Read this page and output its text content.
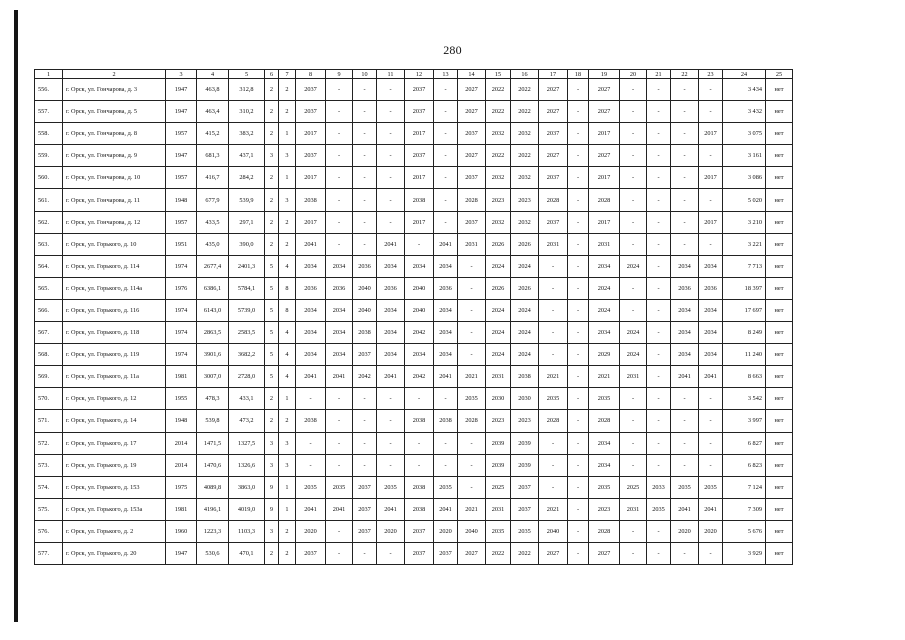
280
1	2	3	4	5	6	7	8	9	10	11	12	13	14	15	16	17	18	19	20	21	22	23	24	25
556.	г. Орск, ул. Гончарова, д. 3	1947	463,8	312,8	2	2	2037	-	-	-	2037	-	2027	2022	2022	2027	-	2027	-	-	-	-	3 434	нет
557.	г. Орск, ул. Гончарова, д. 5	1947	463,4	310,2	2	2	2037	-	-	-	2037	-	2027	2022	2022	2027	-	2027	-	-	-	-	3 432	нет
558.	г. Орск, ул. Гончарова, д. 8	1957	415,2	383,2	2	1	2017	-	-	-	2017	-	2037	2032	2032	2037	-	2017	-	-	-	2017	3 075	нет
559.	г. Орск, ул. Гончарова, д. 9	1947	681,3	437,1	3	3	2037	-	-	-	2037	-	2027	2022	2022	2027	-	2027	-	-	-	-	3 161	нет
560.	г. Орск, ул. Гончарова, д. 10	1957	416,7	284,2	2	1	2017	-	-	-	2017	-	2037	2032	2032	2037	-	2017	-	-	-	2017	3 086	нет
561.	г. Орск, ул. Гончарова, д. 11	1948	677,9	539,9	2	3	2038	-	-	-	2038	-	2028	2023	2023	2028	-	2028	-	-	-	-	5 020	нет
562.	г. Орск, ул. Гончарова, д. 12	1957	433,5	297,1	2	2	2017	-	-	-	2017	-	2037	2032	2032	2037	-	2017	-	-	-	2017	3 210	нет
563.	г. Орск, ул. Горького, д. 10	1951	435,0	390,0	2	2	2041	-	-	2041	-	2041	2031	2026	2026	2031	-	2031	-	-	-	-	3 221	нет
564.	г. Орск, ул. Горького, д. 114	1974	2677,4	2401,3	5	4	2034	2034	2036	2034	2034	2034	-	2024	2024	-	-	2034	2024	-	2034	2034	7 713	нет
565.	г. Орск, ул. Горького, д. 114а	1976	6386,1	5784,1	5	8	2036	2036	2040	2036	2040	2036	-	2026	2026	-	-	2024	-	-	2036	2036	18 397	нет
566.	г. Орск, ул. Горького, д. 116	1974	6143,0	5739,0	5	8	2034	2034	2040	2034	2040	2034	-	2024	2024	-	-	2024	-	-	2034	2034	17 697	нет
567.	г. Орск, ул. Горького, д. 118	1974	2863,5	2583,5	5	4	2034	2034	2038	2034	2042	2034	-	2024	2024	-	-	2034	2024	-	2034	2034	8 249	нет
568.	г. Орск, ул. Горького, д. 119	1974	3901,6	3682,2	5	4	2034	2034	2037	2034	2034	2034	-	2024	2024	-	-	2029	2024	-	2034	2034	11 240	нет
569.	г. Орск, ул. Горького, д. 11а	1981	3007,0	2728,0	5	4	2041	2041	2042	2041	2042	2041	2021	2031	2038	2021	-	2021	2031	-	2041	2041	8 663	нет
570.	г. Орск, ул. Горького, д. 12	1955	478,3	433,1	2	1	-	-	-	-	-	-	2035	2030	2030	2035	-	2035	-	-	-	-	3 542	нет
571.	г. Орск, ул. Горького, д. 14	1948	539,8	473,2	2	2	2038	-	-	-	2038	2038	2028	2023	2023	2028	-	2028	-	-	-	-	3 997	нет
572.	г. Орск, ул. Горького, д. 17	2014	1471,5	1327,5	3	3	-	-	-	-	-	-	-	2039	2039	-	-	2034	-	-	-	-	6 827	нет
573.	г. Орск, ул. Горького, д. 19	2014	1470,6	1326,6	3	3	-	-	-	-	-	-	-	2039	2039	-	-	2034	-	-	-	-	6 823	нет
574.	г. Орск, ул. Горького, д. 153	1975	4089,8	3863,0	9	1	2035	2035	2037	2035	2038	2035	-	2025	2037	-	-	2035	2025	2033	2035	2035	7 124	нет
575.	г. Орск, ул. Горького, д. 153а	1981	4196,1	4019,0	9	1	2041	2041	2037	2041	2038	2041	2021	2031	2037	2021	-	2023	2031	2035	2041	2041	7 309	нет
576.	г. Орск, ул. Горького, д. 2	1960	1223,3	1103,3	3	2	2020	-	2037	2020	2037	2020	2040	2035	2035	2040	-	2028	-	-	2020	2020	5 676	нет
577.	г. Орск, ул. Горького, д. 20	1947	530,6	470,1	2	2	2037	-	-	-	2037	2037	2027	2022	2022	2027	-	2027	-	-	-	-	3 929	нет
